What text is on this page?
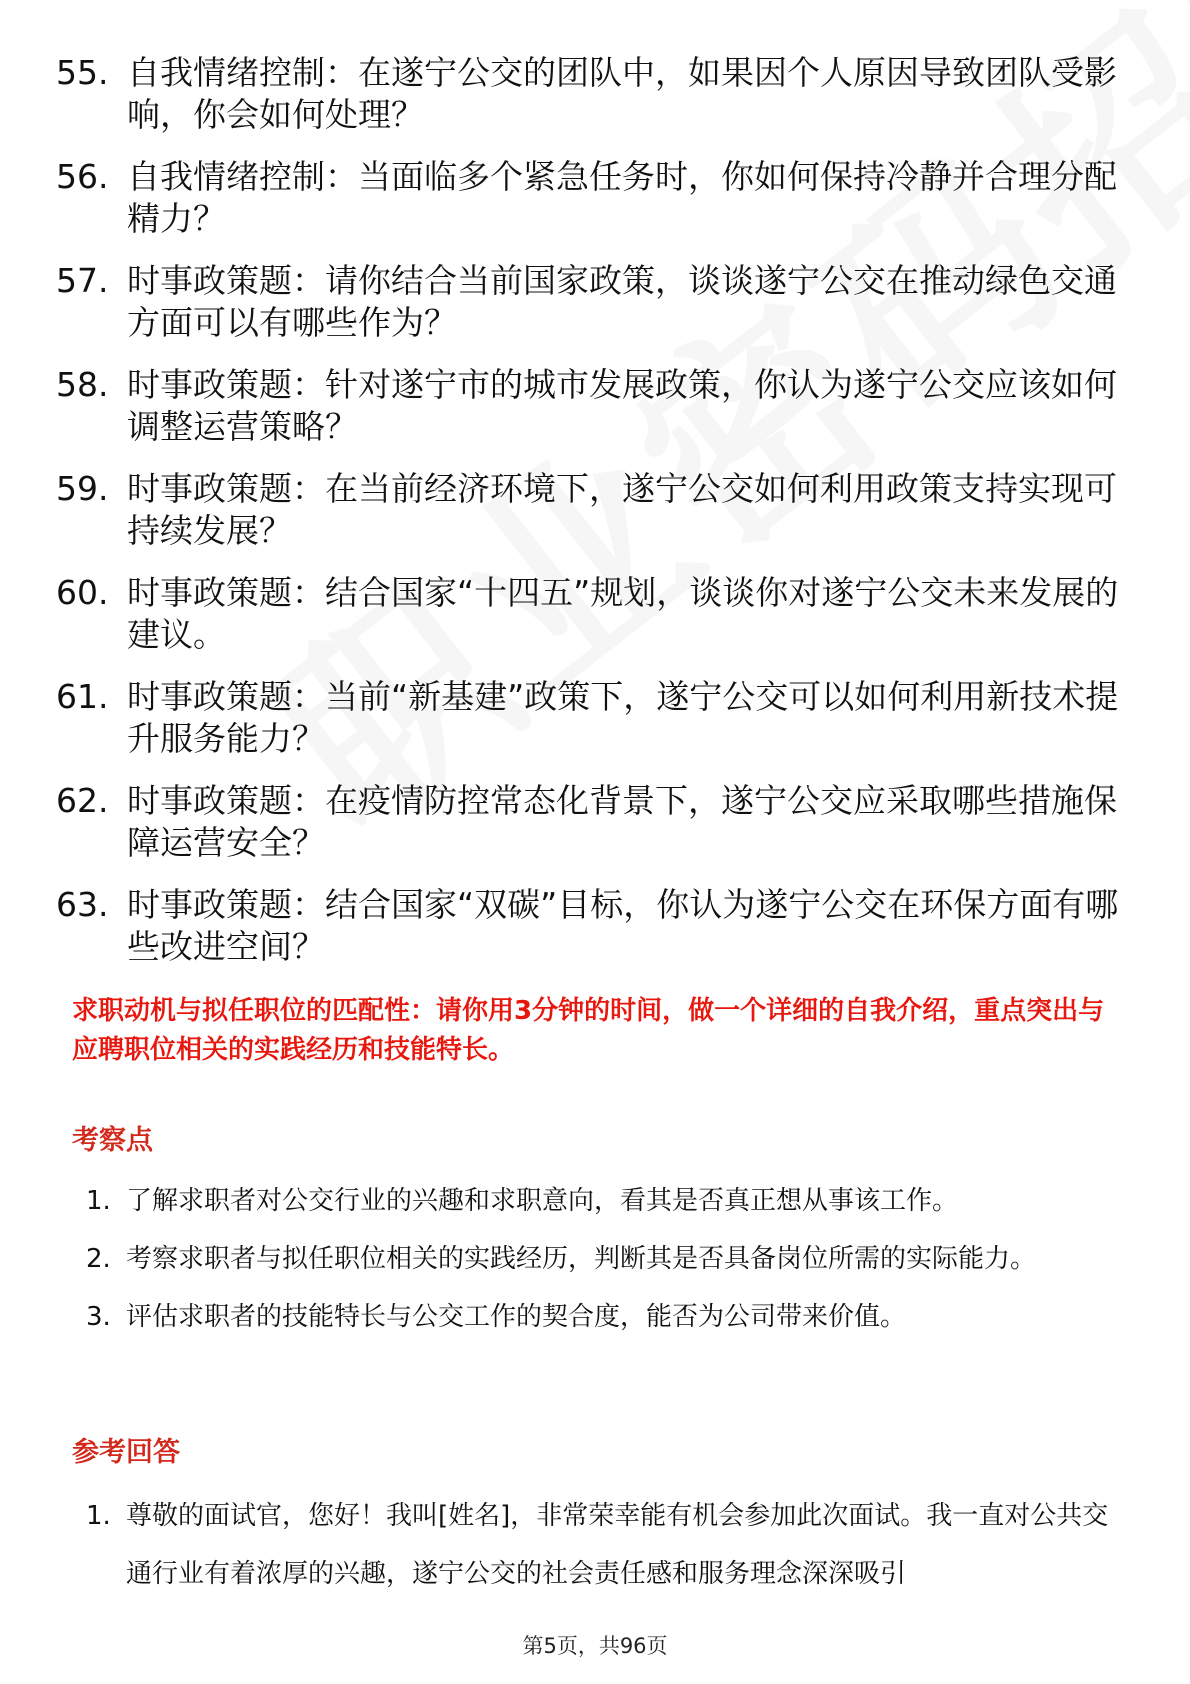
55. 自我情绪控制：在遂宁公交的团队中，如果因个人原因导致团队受影响，你会如何处理？
56. 自我情绪控制：当面临多个紧急任务时，你如何保持冷静并合理分配精力？
57. 时事政策题：请你结合当前国家政策，谈谈遂宁公交在推动绿色交通方面可以有哪些作为？
58. 时事政策题：针对遂宁市的城市发展政策，你认为遂宁公交应该如何调整运营策略？
59. 时事政策题：在当前经济环境下，遂宁公交如何利用政策支持实现可持续发展？
60. 时事政策题：结合国家“十四五”规划，谈谈你对遂宁公交未来发展的建议。
61. 时事政策题：当前“新基建”政策下，遂宁公交可以如何利用新技术提升服务能力？
62. 时事政策题：在疫情防控常态化背景下，遂宁公交应采取哪些措施保障运营安全？
63. 时事政策题：结合国家“双碳”目标，你认为遂宁公交在环保方面有哪些改进空间？
求职动机与拟任职位的匹配性：请你用3分钟的时间，做一个详细的自我介绍，重点突出与应聘职位相关的实践经历和技能特长。
考察点
1. 了解求职者对公交行业的兴趣和求职意向，看其是否真正想从事该工作。
2. 考察求职者与拟任职位相关的实践经历，判断其是否具备岗位所需的实际能力。
3. 评估求职者的技能特长与公交工作的契合度，能否为公司带来价值。
参考回答
1. 尊敬的面试官，您好！我叫[姓名]，非常荣幸能有机会参加此次面试。我一直对公共交通行业有着浓厚的兴趣，遂宁公交的社会责任感和服务理念深深吸引
第5页，共96页
